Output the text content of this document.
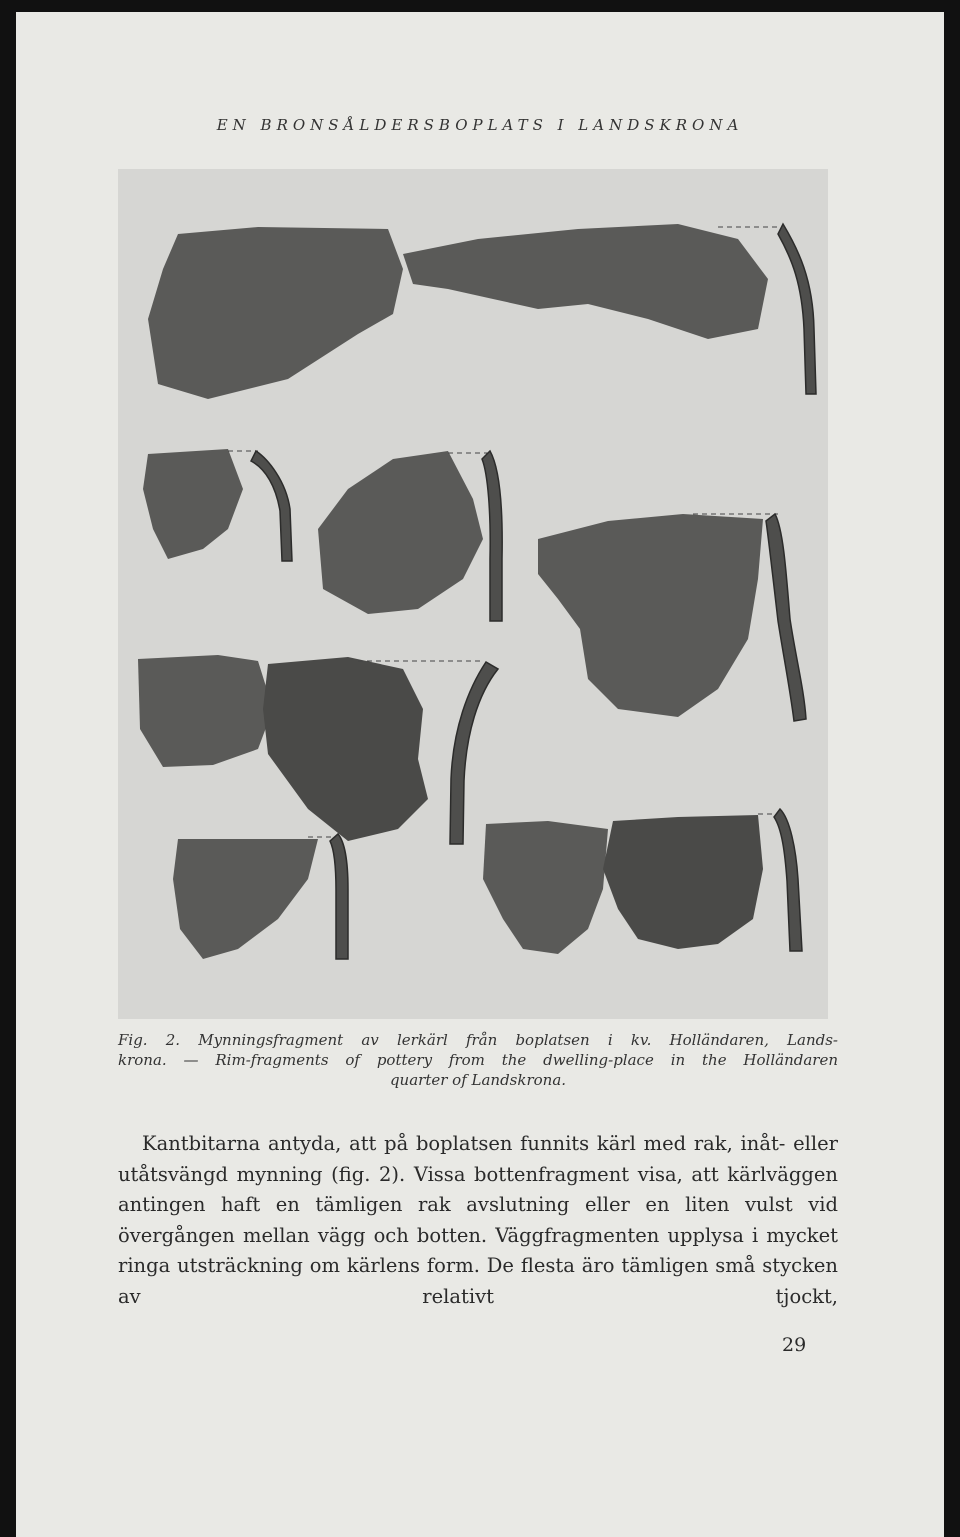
EN BRONSÅLDERSBOPLATS I LANDSKRONA
Fig. 2. Mynningsfragment av lerkärl från boplatsen i kv. Holländaren, Lands-
krona. — Rim-fragments of pottery from the dwelling-place in the Holländaren
quarter of Landskrona.

Kantbitarna antyda, att på boplatsen funnits kärl med rak, inåt- eller utåtsvängd mynning (fig. 2). Vissa bottenfragment visa, att kärlväggen antingen haft en tämligen rak avslutning eller en liten vulst vid övergången mellan vägg och botten. Väggfragmenten upplysa i mycket ringa utsträckning om kärlens form. De flesta äro tämligen små stycken av relativt tjockt,

29
